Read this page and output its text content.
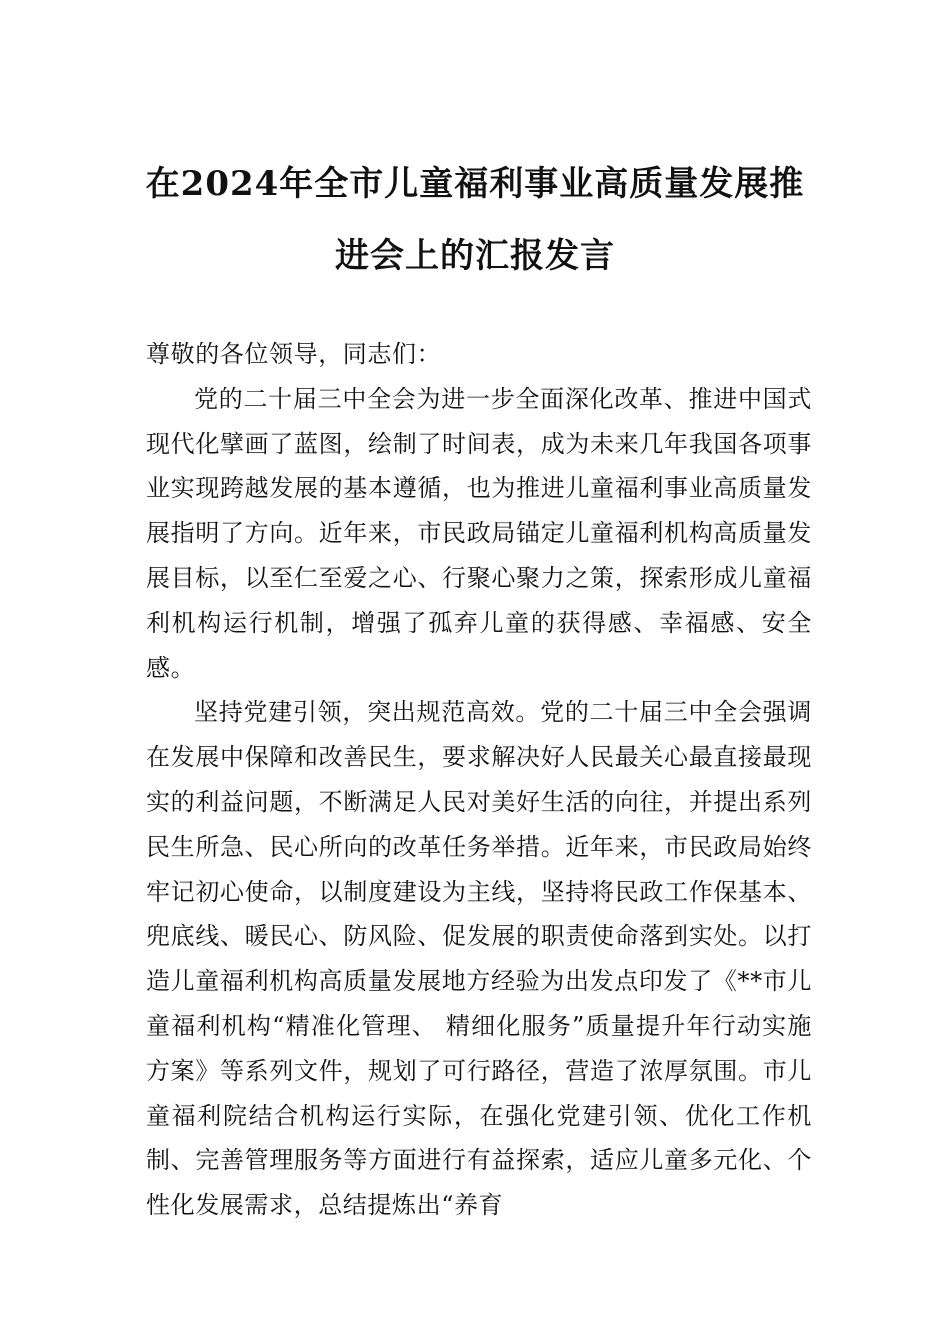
在2024年全市儿童福利事业高质量发展推
进会上的汇报发言

尊敬的各位领导，同志们：

党的二十届三中全会为进一步全面深化改革、推进中国式现代化擘画了蓝图，绘制了时间表，成为未来几年我国各项事业实现跨越发展的基本遵循，也为推进儿童福利事业高质量发展指明了方向。近年来，市民政局锚定儿童福利机构高质量发展目标，以至仁至爱之心、行聚心聚力之策，探索形成儿童福利机构运行机制，增强了孤弃儿童的获得感、幸福感、安全感。

坚持党建引领，突出规范高效。党的二十届三中全会强调在发展中保障和改善民生，要求解决好人民最关心最直接最现实的利益问题，不断满足人民对美好生活的向往，并提出系列民生所急、民心所向的改革任务举措。近年来，市民政局始终牢记初心使命，以制度建设为主线，坚持将民政工作保基本、兜底线、暖民心、防风险、促发展的职责使命落到实处。以打造儿童福利机构高质量发展地方经验为出发点印发了《**市儿童福利机构“精准化管理、 精细化服务”质量提升年行动实施方案》等系列文件，规划了可行路径，营造了浓厚氛围。市儿童福利院结合机构运行实际，在强化党建引领、优化工作机制、完善管理服务等方面进行有益探索，适应儿童多元化、个性化发展需求，总结提炼出“养育
